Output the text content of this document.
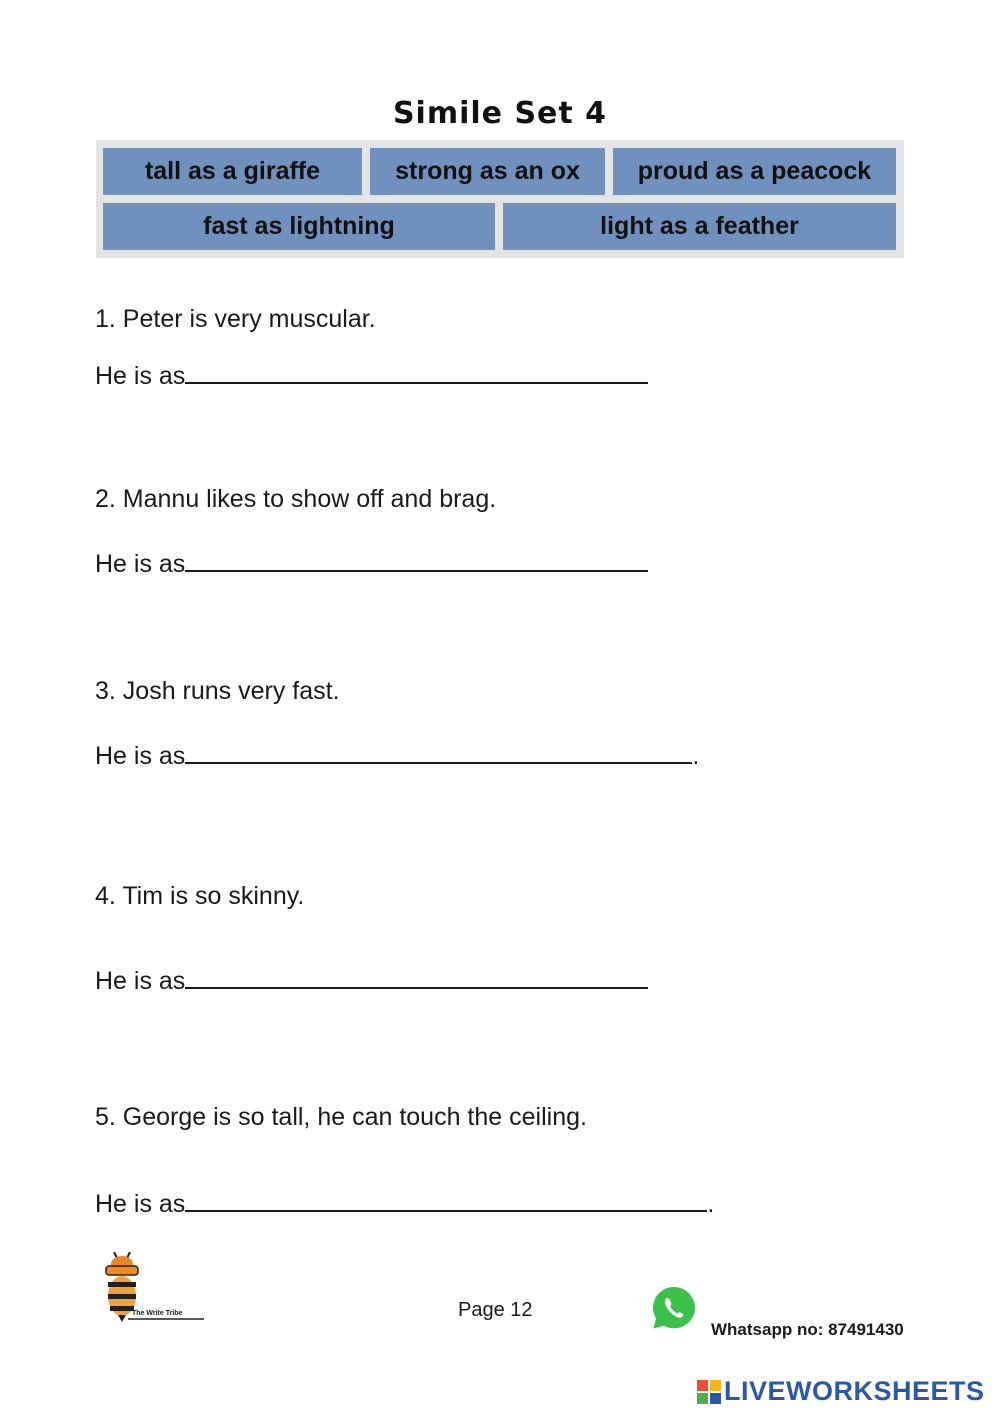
Simile Set 4
tall as a giraffe	strong as an ox	proud as a peacock
fast as lightning	light as a feather
1. Peter is very muscular.
He is as
2. Mannu likes to show off and brag.
He is as
3. Josh runs very fast.
He is as	.
4. Tim is so skinny.
He is as
5. George is so tall, he can touch the ceiling.
He is as	.
The Write Tribe	Page 12
Whatsapp no: 87491430
LIVEWORKSHEETS
